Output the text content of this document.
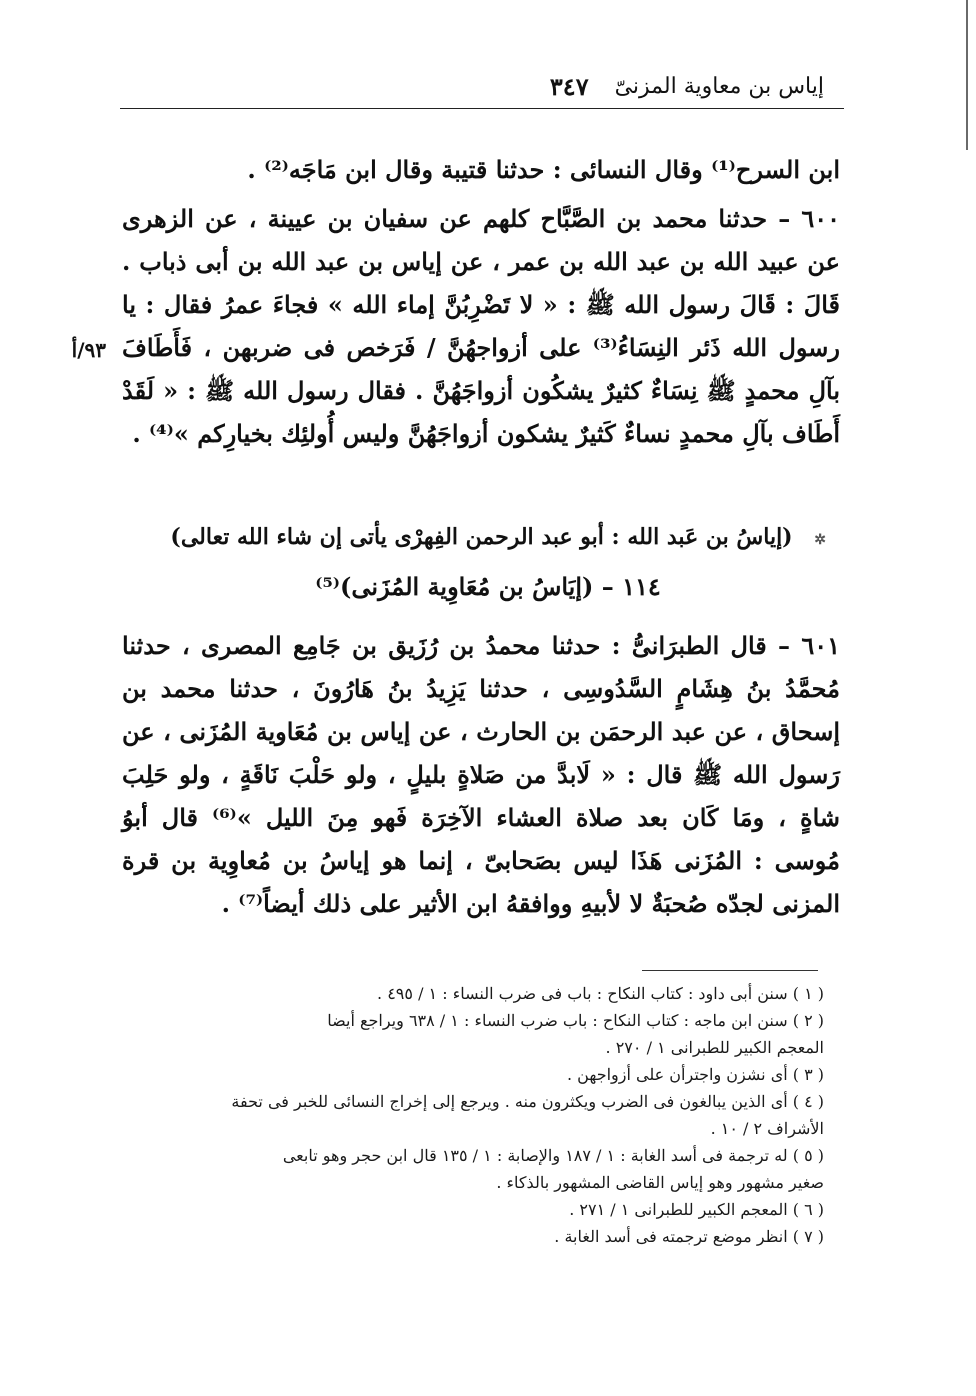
إياس بن معاوية المزنىّ
٣٤٧
٩٣/أ

ابن السرح⁽¹⁾ وقال النسائى : حدثنا قتيبة وقال ابن مَاجَه⁽²⁾ .

٦٠٠ – حدثنا محمد بن الصَّبَّاح كلهم عن سفيان بن عيينة ، عن الزهرى عن عبيد الله بن عبد الله بن عمر ، عن إياس بن عبد الله بن أبى ذباب . قَالَ : قَالَ رسول الله ﷺ : « لا تَضْرِبُنَّ إماء الله » فجاءَ عمرُ فقال : يا رسول الله ذَئر النِسَاءُ⁽³⁾ على أزواجهُنَّ / فَرَخص فى ضربهن ، فَأَطَافَ بآلِ محمدٍ ﷺ نِسَاءٌ كثيرٌ يشكُون أزواجَهُنَّ . فقال رسول الله ﷺ : « لَقَدْ أَطَاف بآلِ محمدٍ نساءٌ كَثيرٌ يشكون أزواجَهُنَّ وليس أُولئِك بخيارِكم »⁽⁴⁾ .

✲ (إياسُ بن عَبد الله : أبو عبد الرحمن الفِهرْى يأتى إن شاء الله تعالى)
١١٤ – (إيَاسُ بن مُعَاوِية المُزَنى)⁽⁵⁾

٦٠١ – قال الطبرَانىُّ : حدثنا محمدُ بن رُزَيق بن جَامِع المصرى ، حدثنا مُحمَّدُ بنُ هِشَامٍ السَّدُوسِى ، حدثنا يَزِيدُ بنُ هَارُونَ ، حدثنا محمد بن إسحاق ، عن عبد الرحمَن بن الحارث ، عن إياس بن مُعَاوية المُزَنى ، عن رَسول الله ﷺ قال : « لَابدَّ من صَلاةٍ بليلٍ ، ولو حَلْبَ نَاقَةٍ ، ولو حَلِبَ شاةٍ ، ومَا كَان بعد صلاة العشاء الآخِرَة فَهو مِنَ الليل »⁽⁶⁾ قال أبوُ مُوسى : المُزَنى هَذَا ليس بصَحابىّ ، إنما هو إياسُ بن مُعاوِية بن قرة المزنى لجدّه صُحبَةٌ لا لأبيهِ ووافقهُ ابن الأثير على ذلك أيضاً⁽⁷⁾ .

( ١ ) سنن أبى داود : كتاب النكاح : باب فى ضرب النساء : ١ / ٤٩٥ .

( ٢ ) سنن ابن ماجه : كتاب النكاح : باب ضرب النساء : ١ / ٦٣٨ ويراجع أيضا

المعجم الكبير للطبرانى ١ / ٢٧٠ .

( ٣ ) أى نشزن واجترأن على أزواجهن .

( ٤ ) أى الذين يبالغون فى الضرب ويكثرون منه . ويرجع إلى إخراج النسائى للخبر فى تحفة

الأشراف ٢ / ١٠ .

( ٥ ) له ترجمة فى أسد الغابة : ١ / ١٨٧ والإصابة : ١ / ١٣٥ قال ابن حجر وهو تابعى

صغير مشهور وهو إياس القاضى المشهور بالذكاء .

( ٦ ) المعجم الكبير للطبرانى ١ / ٢٧١ .

( ٧ ) انظر موضع ترجمته فى أسد الغابة .
